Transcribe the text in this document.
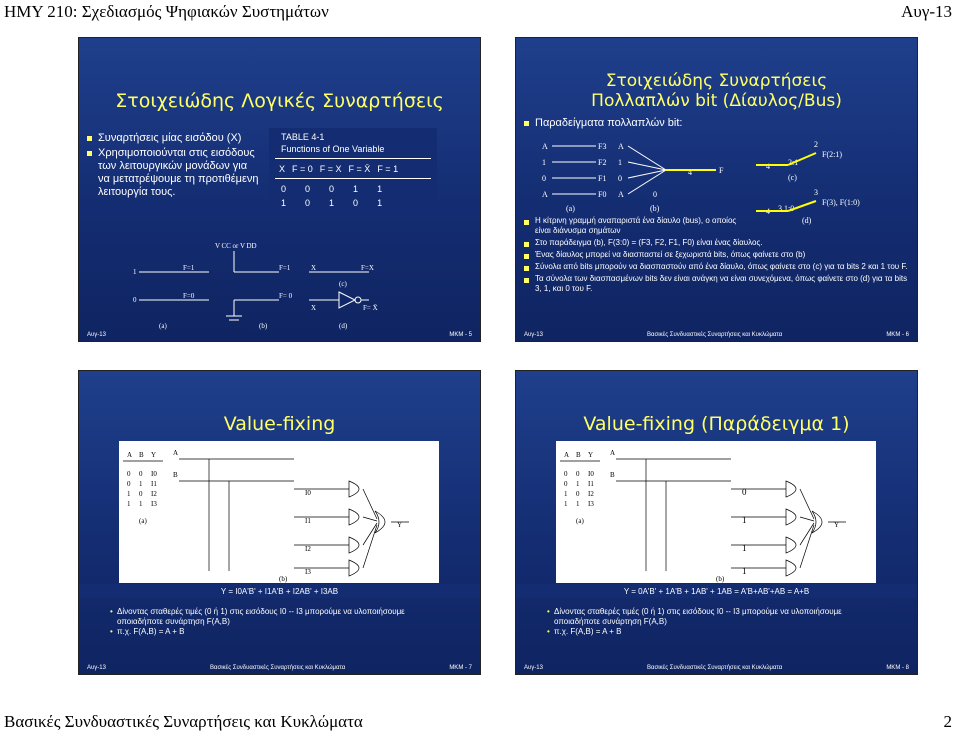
ΗΜΥ 210: Σχεδιασμός Ψηφιακών Συστημάτων	Αυγ-13
Στοιχειώδης Λογικές Συναρτήσεις
Συναρτήσεις μίας εισόδου (X)
Χρησιμοποιούνται στις εισόδους των λειτουργικών μονάδων για να μετατρέψουμε τη προτιθέμενη λειτουργία τους.
TABLE 4-1
Functions of One Variable
X F = 0 F = X F = X̄ F = 1
0 0 0 1 1
1 0 1 0 1
1
0
F=1
F=0
V CC or V DD
F=1
F= 0
X
X
F=X
F= X̄
(c)
(a)	(b)	(d)
Αυγ-13	MKM - 5
Στοιχειώδης Συναρτήσεις
Πολλαπλών bit (Δίαυλος/Bus)
Παραδείγματα πολλαπλών bit:
A
1
0
A
F3
F2
F1
F0
A
1
0
A
(a)	(b)
0
4	F	4 2:1
2
F(2:1)
(c)
4 3,1:0
3
F(3), F(1:0)
(d)
Η κίτρινη γραμμή αναπαριστά ένα δίαυλο (bus), ο οποίος είναι διάνυσμα σημάτων
Στο παράδειγμα (b), F(3:0) = (F3, F2, F1, F0) είναι ένας δίαυλος.
Ένας δίαυλος μπορεί να διασπαστεί σε ξεχωριστά bits, όπως φαίνετε στο (b)
Σύνολα από bits μπορούν να διασπαστούν από ένα δίαυλο, όπως φαίνετε στο (c) για τα bits 2 και 1 του F.
Τα σύνολα των διασπασμένων bits δεν είναι ανάγκη να είναι συνεχόμενα, όπως φαίνετε στο (d) για τα bits 3, 1, και 0 του F.
Αυγ-13	Βασικές Συνδυαστικές Συναρτήσεις και Κυκλώματα	MKM - 6
Value-fixing
A B Y
0 0 I0
0 1 I1
1 0 I2
1 1 I3
(a)
A
B
I0
I1
I2
I3
Y
(b)
Y = I0A'B' + I1A'B + I2AB' + I3AB
• Δίνοντας σταθερές τιμές (0 ή 1) στις εισόδους I0 -- I3 μπορούμε να υλοποιήσουμε οποιαδήποτε συνάρτηση F(A,B)
• π.χ. F(A,B) = A + B
Αυγ-13	Βασικές Συνδυαστικές Συναρτήσεις και Κυκλώματα	MKM - 7
Value-fixing (Παράδειγμα 1)
A B Y
0 0 I0
0 1 I1
1 0 I2
1 1 I3
(a)
A
B
0
1
1
1
Y
(b)
Y = 0A'B' + 1A'B + 1AB' + 1AB = A'B+AB'+AB = A+B
• Δίνοντας σταθερές τιμές (0 ή 1) στις εισόδους I0 -- I3 μπορούμε να υλοποιήσουμε οποιαδήποτε συνάρτηση F(A,B)
• π.χ. F(A,B) = A + B
Αυγ-13	Βασικές Συνδυαστικές Συναρτήσεις και Κυκλώματα	MKM - 8
Βασικές Συνδυαστικές Συναρτήσεις και Κυκλώματα	2
